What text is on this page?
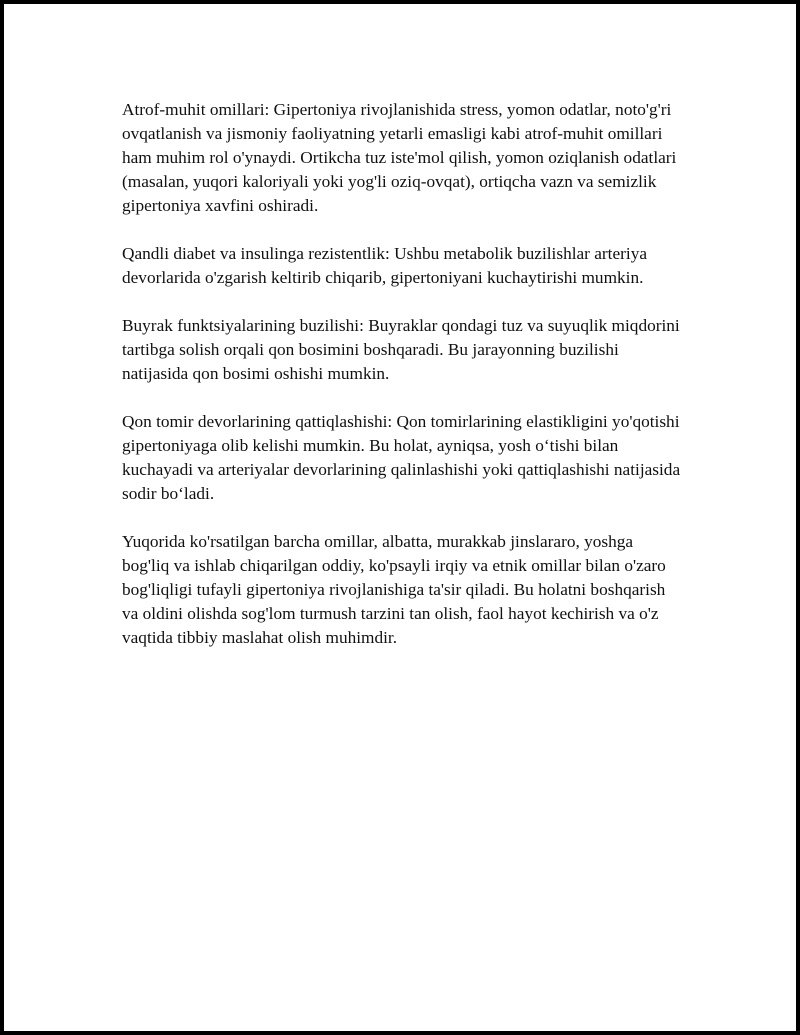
Atrof-muhit omillari: Gipertoniya rivojlanishida stress, yomon odatlar, noto'g'ri ovqatlanish va jismoniy faoliyatning yetarli emasligi kabi atrof-muhit omillari ham muhim rol o'ynaydi. Ortikcha tuz iste'mol qilish, yomon oziqlanish odatlari (masalan, yuqori kaloriyali yoki yog'li oziq-ovqat), ortiqcha vazn va semizlik gipertoniya xavfini oshiradi.

Qandli diabet va insulinga rezistentlik: Ushbu metabolik buzilishlar arteriya devorlarida o'zgarish keltirib chiqarib, gipertoniyani kuchaytirishi mumkin.

Buyrak funktsiyalarining buzilishi: Buyraklar qondagi tuz va suyuqlik miqdorini tartibga solish orqali qon bosimini boshqaradi. Bu jarayonning buzilishi natijasida qon bosimi oshishi mumkin.

Qon tomir devorlarining qattiqlashishi: Qon tomirlarining elastikligini yo'qotishi gipertoniyaga olib kelishi mumkin. Bu holat, ayniqsa, yosh o‘tishi bilan kuchayadi va arteriyalar devorlarining qalinlashishi yoki qattiqlashishi natijasida sodir bo‘ladi.

Yuqorida ko'rsatilgan barcha omillar, albatta, murakkab jinslararo, yoshga bog'liq va ishlab chiqarilgan oddiy, ko'psayli irqiy va etnik omillar bilan o'zaro bog'liqligi tufayli gipertoniya rivojlanishiga ta'sir qiladi. Bu holatni boshqarish va oldini olishda sog'lom turmush tarzini tan olish, faol hayot kechirish va o'z vaqtida tibbiy maslahat olish muhimdir.
